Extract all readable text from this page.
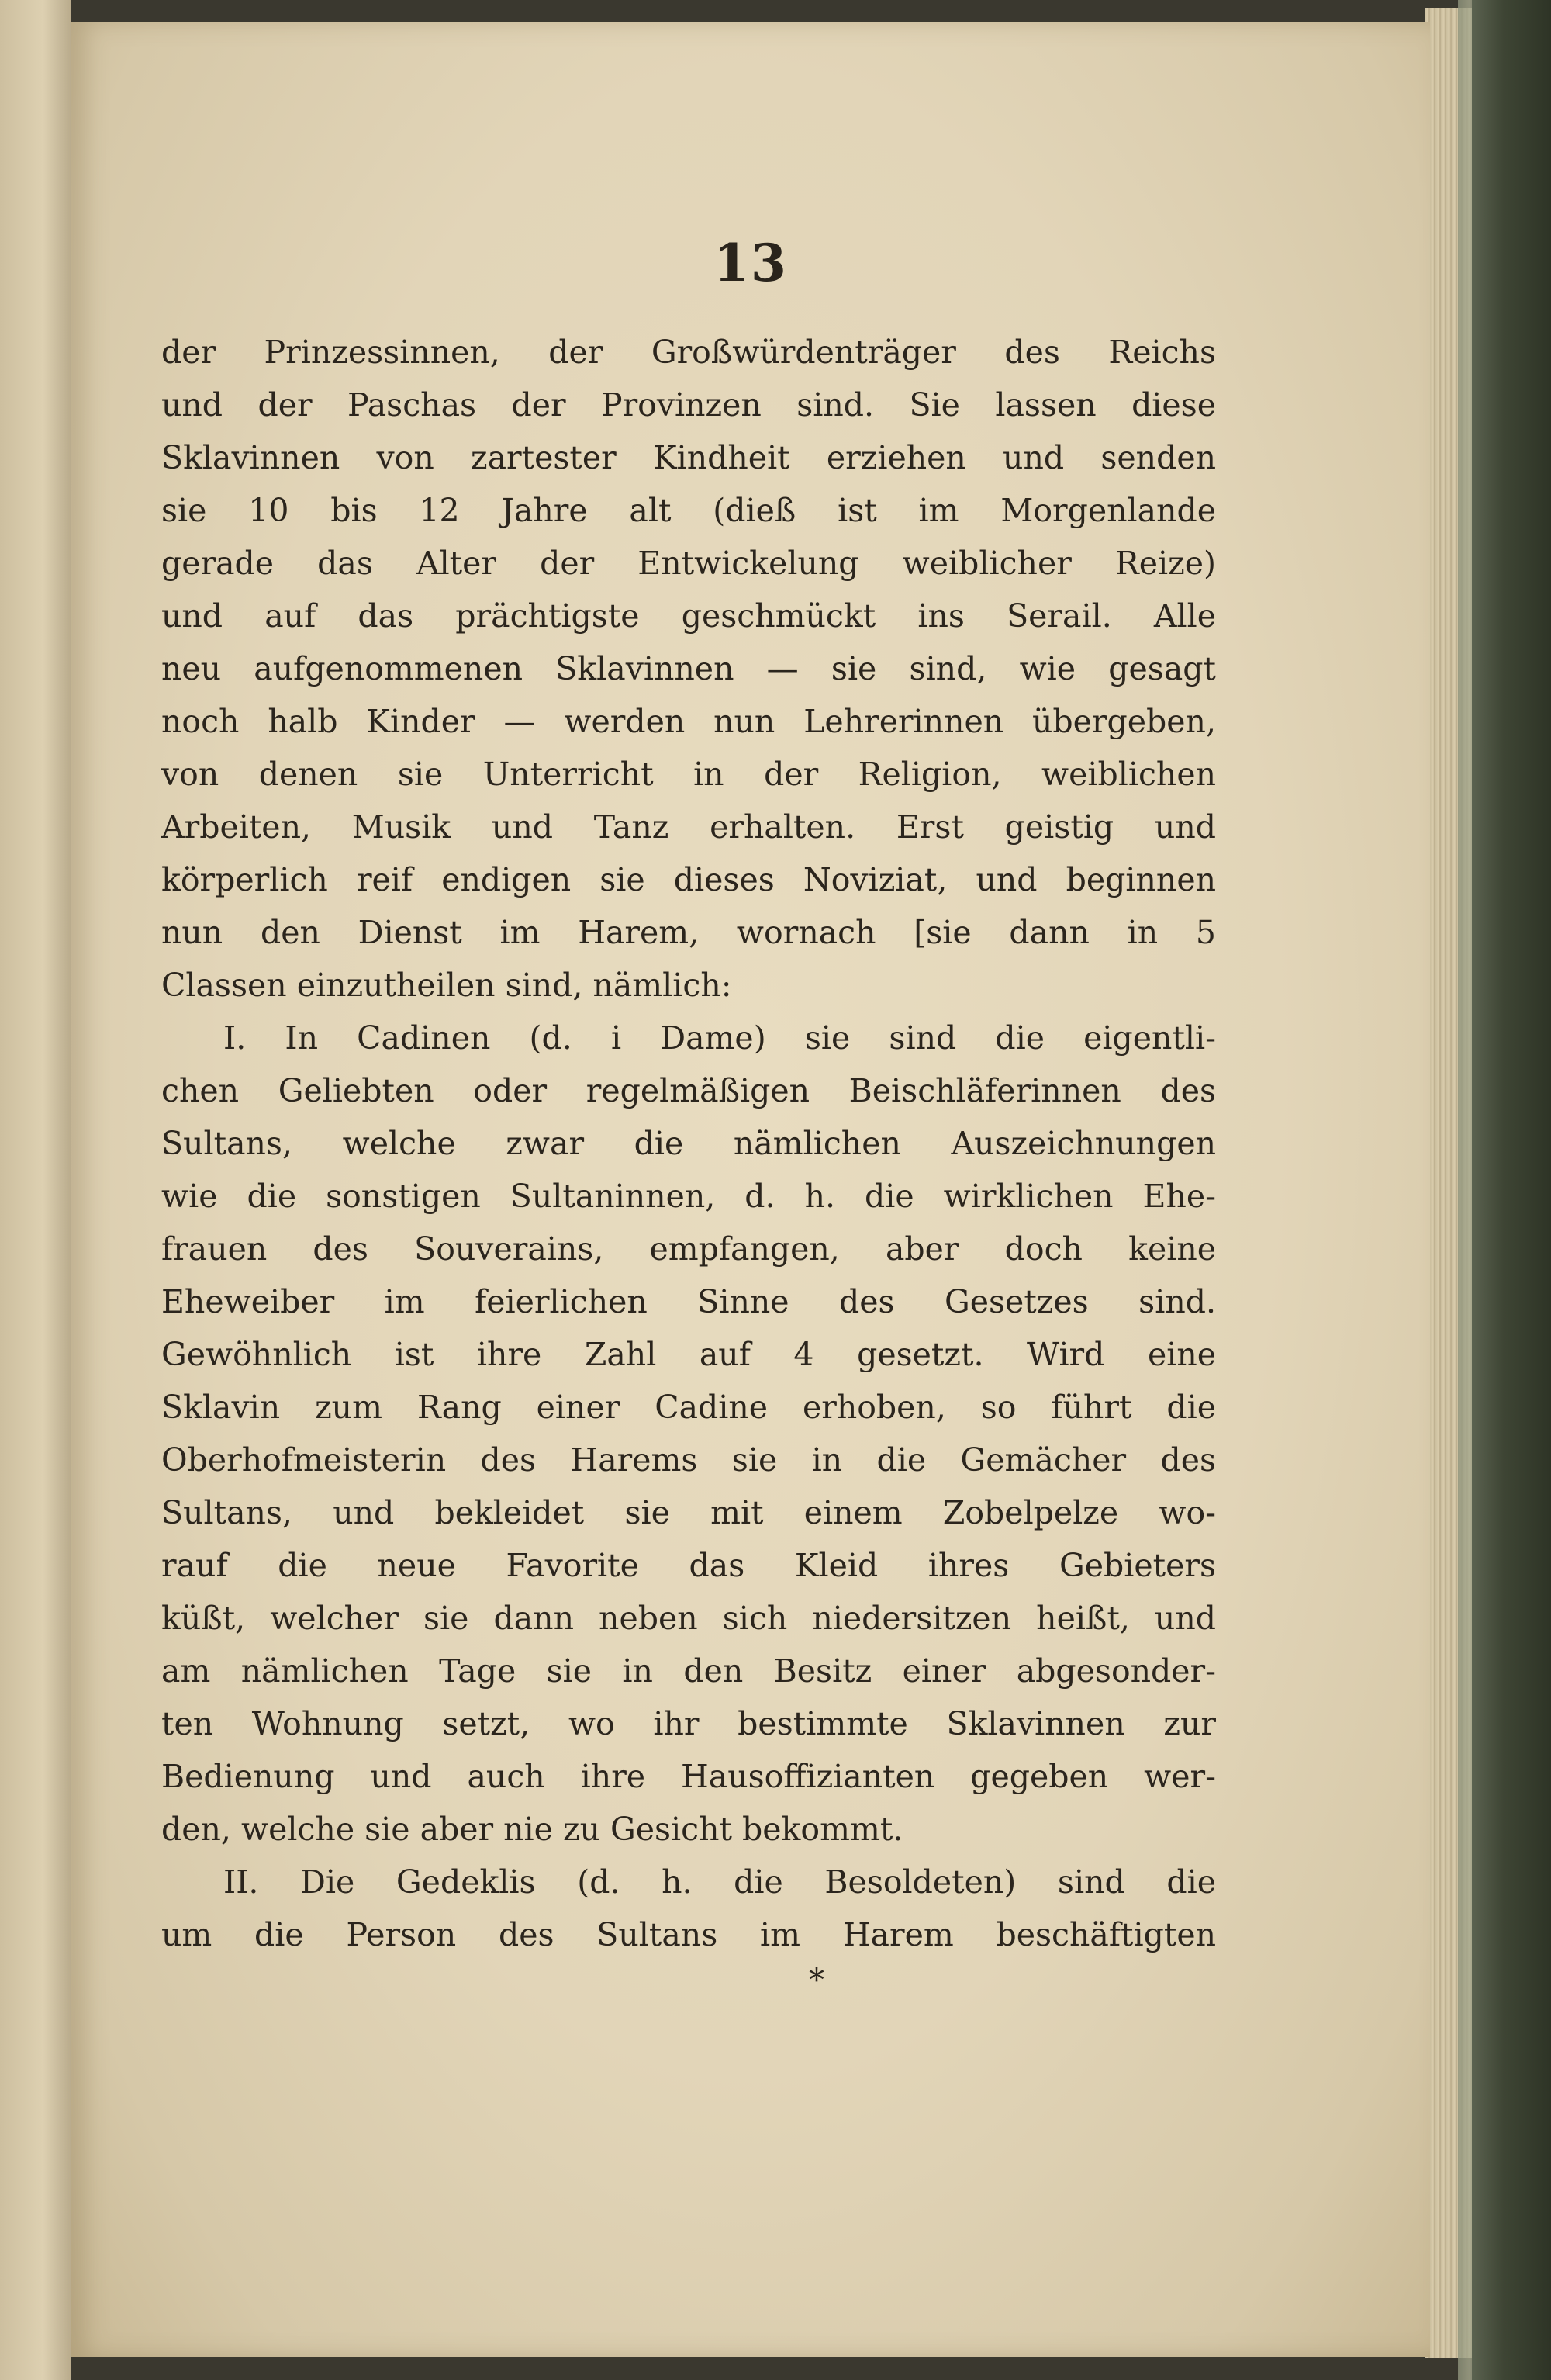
13
der Prinzessinnen, der Großwürdenträger des Reichs
und der Paschas der Provinzen sind. Sie lassen diese
Sklavinnen von zartester Kindheit erziehen und senden
sie 10 bis 12 Jahre alt (dieß ist im Morgenlande
gerade das Alter der Entwickelung weiblicher Reize)
und auf das prächtigste geschmückt ins Serail. Alle
neu aufgenommenen Sklavinnen — sie sind, wie gesagt
noch halb Kinder — werden nun Lehrerinnen übergeben,
von denen sie Unterricht in der Religion, weiblichen
Arbeiten, Musik und Tanz erhalten. Erst geistig und
körperlich reif endigen sie dieses Noviziat, und beginnen
nun den Dienst im Harem, wornach [sie dann in 5
Classen einzutheilen sind, nämlich:
I. In Cadinen (d. i Dame) sie sind die eigentli-
chen Geliebten oder regelmäßigen Beischläferinnen des
Sultans, welche zwar die nämlichen Auszeichnungen
wie die sonstigen Sultaninnen, d. h. die wirklichen Ehe-
frauen des Souverains, empfangen, aber doch keine
Eheweiber im feierlichen Sinne des Gesetzes sind.
Gewöhnlich ist ihre Zahl auf 4 gesetzt. Wird eine
Sklavin zum Rang einer Cadine erhoben, so führt die
Oberhofmeisterin des Harems sie in die Gemächer des
Sultans, und bekleidet sie mit einem Zobelpelze wo-
rauf die neue Favorite das Kleid ihres Gebieters
küßt, welcher sie dann neben sich niedersitzen heißt, und
am nämlichen Tage sie in den Besitz einer abgesonder-
ten Wohnung setzt, wo ihr bestimmte Sklavinnen zur
Bedienung und auch ihre Hausoffizianten gegeben wer-
den, welche sie aber nie zu Gesicht bekommt.
II. Die Gedeklis (d. h. die Besoldeten) sind die
um die Person des Sultans im Harem beschäftigten
*
